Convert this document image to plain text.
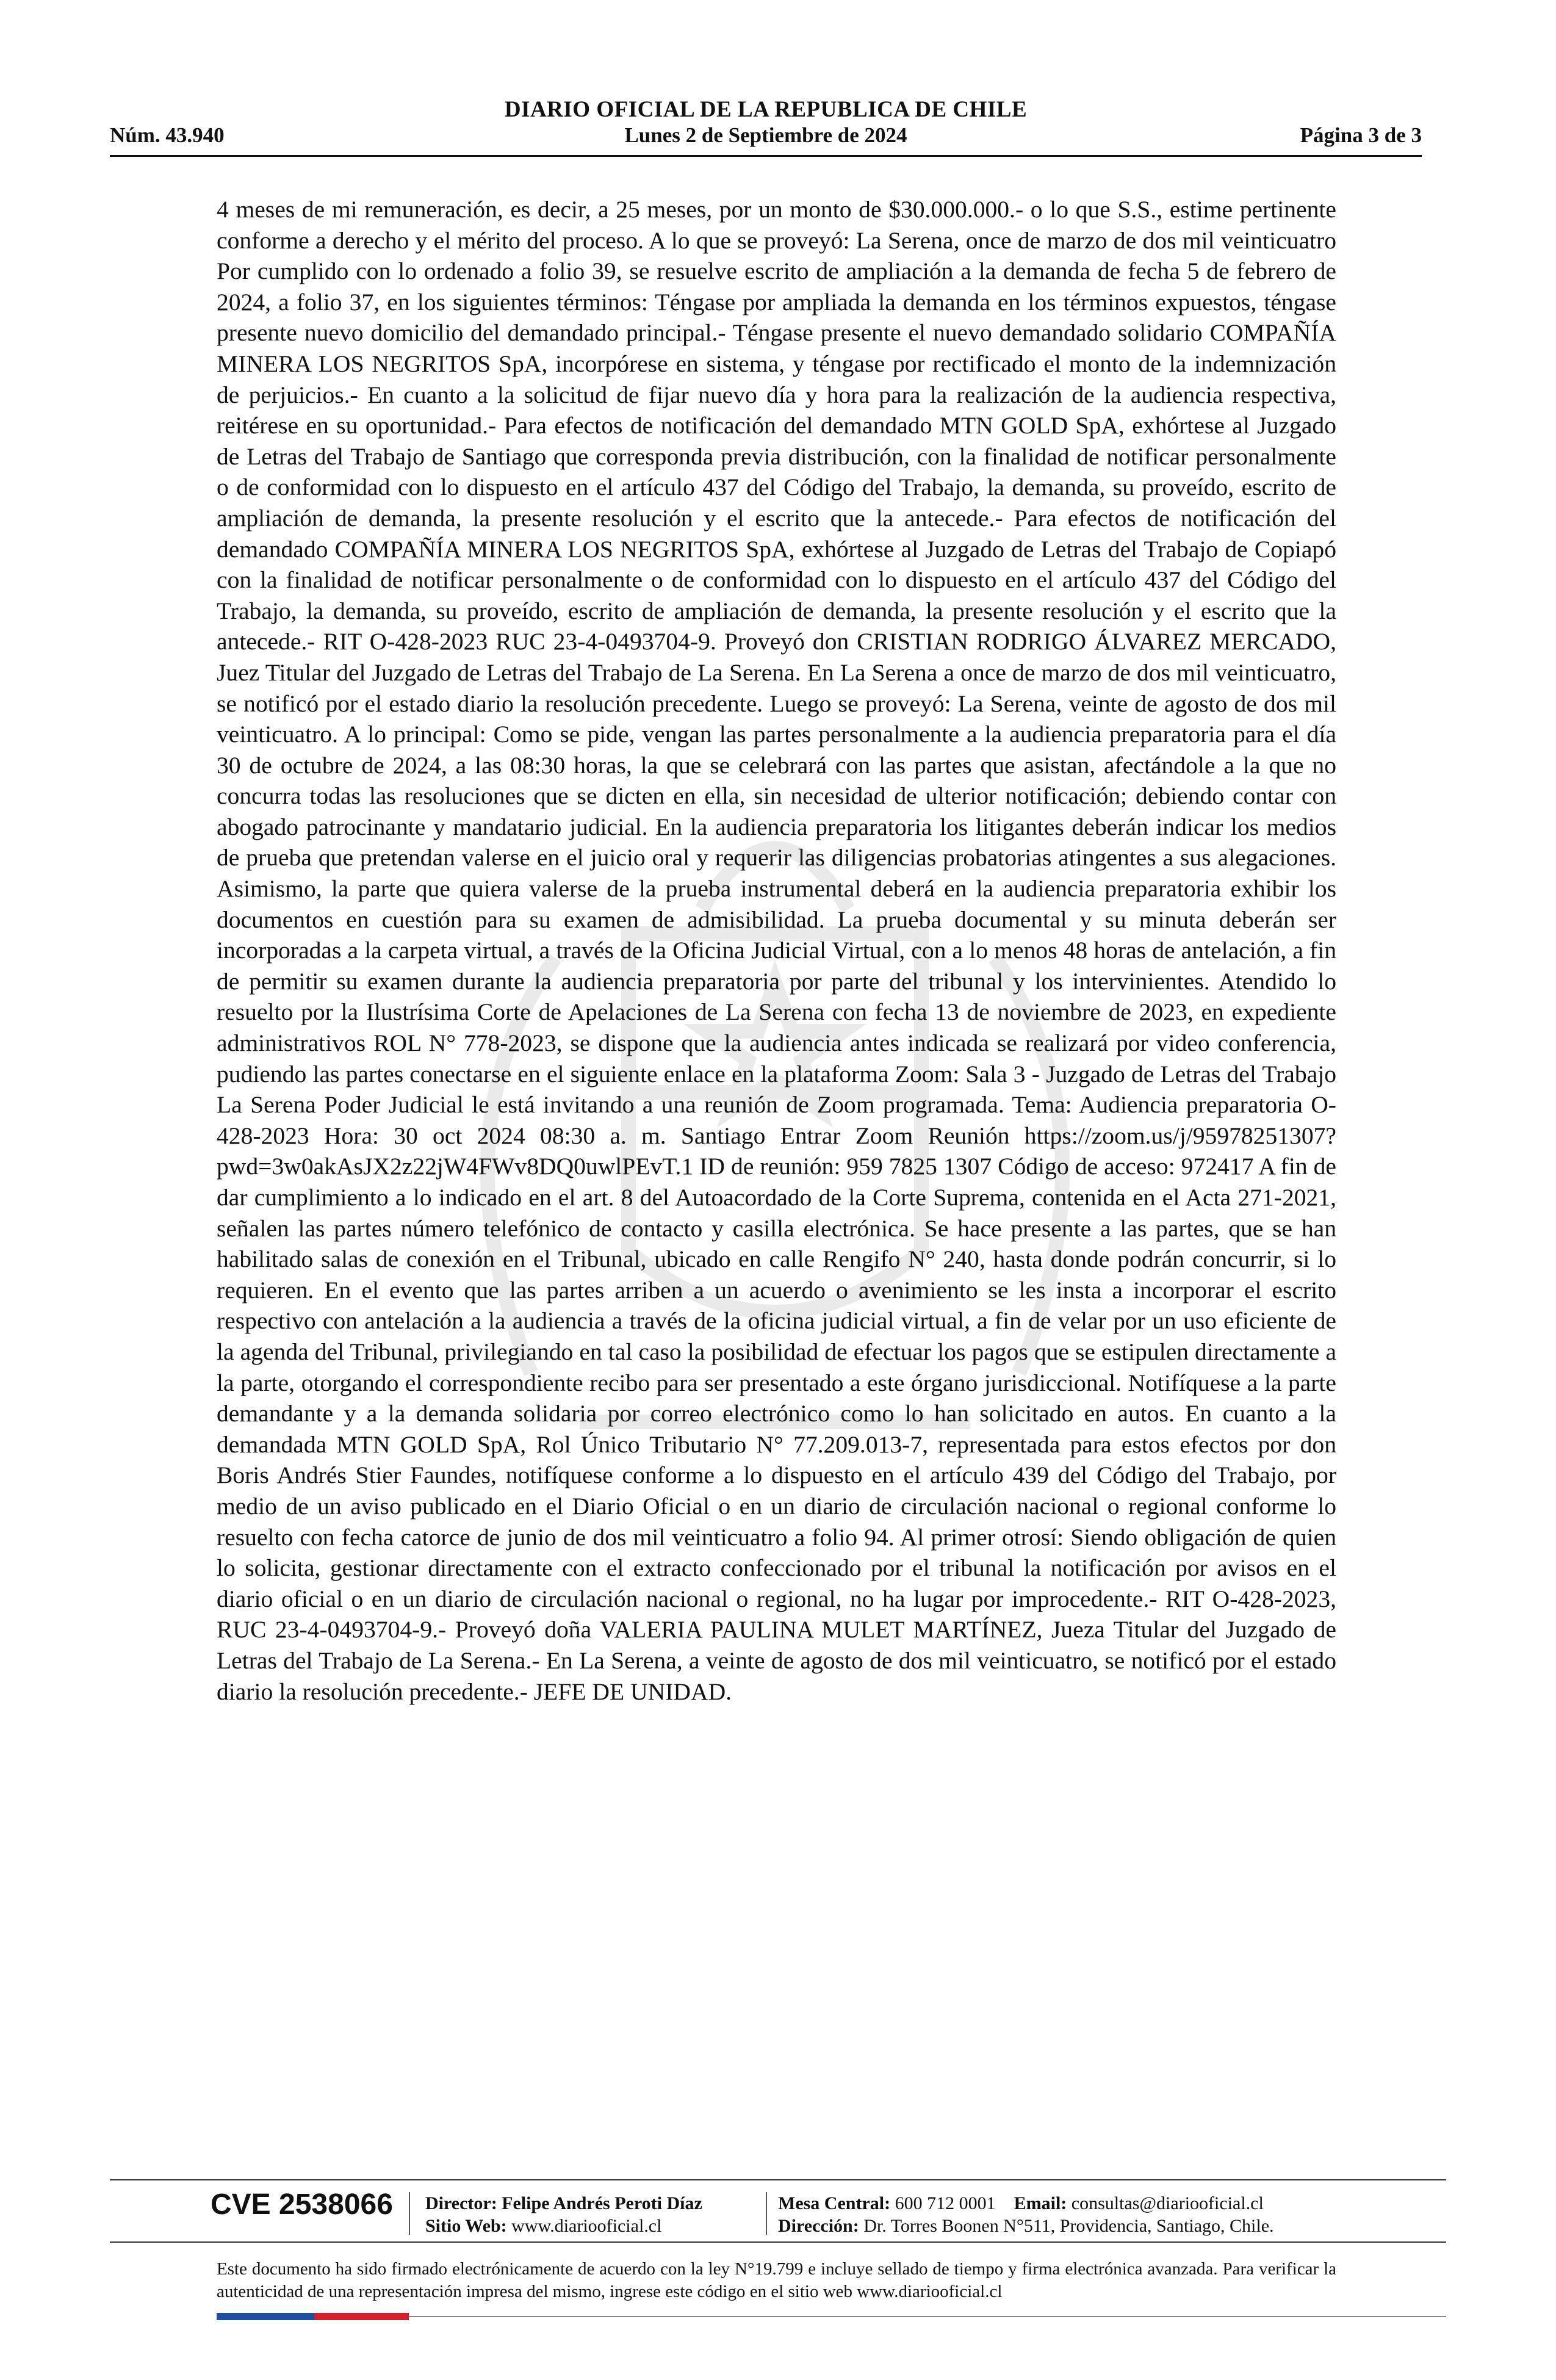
DIARIO OFICIAL DE LA REPUBLICA DE CHILE
Núm. 43.940	Lunes 2 de Septiembre de 2024	Página 3 de 3

4 meses de mi remuneración, es decir, a 25 meses, por un monto de $30.000.000.- o lo que S.S., estime pertinente conforme a derecho y el mérito del proceso. A lo que se proveyó: La Serena, once de marzo de dos mil veinticuatro Por cumplido con lo ordenado a folio 39, se resuelve escrito de ampliación a la demanda de fecha 5 de febrero de 2024, a folio 37, en los siguientes términos: Téngase por ampliada la demanda en los términos expuestos, téngase presente nuevo domicilio del demandado principal.- Téngase presente el nuevo demandado solidario COMPAÑÍA MINERA LOS NEGRITOS SpA, incorpórese en sistema, y téngase por rectificado el monto de la indemnización de perjuicios.- En cuanto a la solicitud de fijar nuevo día y hora para la realización de la audiencia respectiva, reitérese en su oportunidad.- Para efectos de notificación del demandado MTN GOLD SpA, exhórtese al Juzgado de Letras del Trabajo de Santiago que corresponda previa distribución, con la finalidad de notificar personalmente o de conformidad con lo dispuesto en el artículo 437 del Código del Trabajo, la demanda, su proveído, escrito de ampliación de demanda, la presente resolución y el escrito que la antecede.- Para efectos de notificación del demandado COMPAÑÍA MINERA LOS NEGRITOS SpA, exhórtese al Juzgado de Letras del Trabajo de Copiapó con la finalidad de notificar personalmente o de conformidad con lo dispuesto en el artículo 437 del Código del Trabajo, la demanda, su proveído, escrito de ampliación de demanda, la presente resolución y el escrito que la antecede.- RIT O-428-2023 RUC 23-4-0493704-9. Proveyó don CRISTIAN RODRIGO ÁLVAREZ MERCADO, Juez Titular del Juzgado de Letras del Trabajo de La Serena. En La Serena a once de marzo de dos mil veinticuatro, se notificó por el estado diario la resolución precedente. Luego se proveyó: La Serena, veinte de agosto de dos mil veinticuatro. A lo principal: Como se pide, vengan las partes personalmente a la audiencia preparatoria para el día 30 de octubre de 2024, a las 08:30 horas, la que se celebrará con las partes que asistan, afectándole a la que no concurra todas las resoluciones que se dicten en ella, sin necesidad de ulterior notificación; debiendo contar con abogado patrocinante y mandatario judicial. En la audiencia preparatoria los litigantes deberán indicar los medios de prueba que pretendan valerse en el juicio oral y requerir las diligencias probatorias atingentes a sus alegaciones. Asimismo, la parte que quiera valerse de la prueba instrumental deberá en la audiencia preparatoria exhibir los documentos en cuestión para su examen de admisibilidad. La prueba documental y su minuta deberán ser incorporadas a la carpeta virtual, a través de la Oficina Judicial Virtual, con a lo menos 48 horas de antelación, a fin de permitir su examen durante la audiencia preparatoria por parte del tribunal y los intervinientes. Atendido lo resuelto por la Ilustrísima Corte de Apelaciones de La Serena con fecha 13 de noviembre de 2023, en expediente administrativos ROL N° 778-2023, se dispone que la audiencia antes indicada se realizará por video conferencia, pudiendo las partes conectarse en el siguiente enlace en la plataforma Zoom: Sala 3 - Juzgado de Letras del Trabajo La Serena Poder Judicial le está invitando a una reunión de Zoom programada. Tema: Audiencia preparatoria O-428-2023 Hora: 30 oct 2024 08:30 a. m. Santiago Entrar Zoom Reunión https://zoom.us/j/95978251307?pwd=3w0akAsJX2z22jW4FWv8DQ0uwlPEvT.1 ID de reunión: 959 7825 1307 Código de acceso: 972417 A fin de dar cumplimiento a lo indicado en el art. 8 del Autoacordado de la Corte Suprema, contenida en el Acta 271-2021, señalen las partes número telefónico de contacto y casilla electrónica. Se hace presente a las partes, que se han habilitado salas de conexión en el Tribunal, ubicado en calle Rengifo N° 240, hasta donde podrán concurrir, si lo requieren. En el evento que las partes arriben a un acuerdo o avenimiento se les insta a incorporar el escrito respectivo con antelación a la audiencia a través de la oficina judicial virtual, a fin de velar por un uso eficiente de la agenda del Tribunal, privilegiando en tal caso la posibilidad de efectuar los pagos que se estipulen directamente a la parte, otorgando el correspondiente recibo para ser presentado a este órgano jurisdiccional. Notifíquese a la parte demandante y a la demanda solidaria por correo electrónico como lo han solicitado en autos. En cuanto a la demandada MTN GOLD SpA, Rol Único Tributario N° 77.209.013-7, representada para estos efectos por don Boris Andrés Stier Faundes, notifíquese conforme a lo dispuesto en el artículo 439 del Código del Trabajo, por medio de un aviso publicado en el Diario Oficial o en un diario de circulación nacional o regional conforme lo resuelto con fecha catorce de junio de dos mil veinticuatro a folio 94. Al primer otrosí: Siendo obligación de quien lo solicita, gestionar directamente con el extracto confeccionado por el tribunal la notificación por avisos en el diario oficial o en un diario de circulación nacional o regional, no ha lugar por improcedente.- RIT O-428-2023, RUC 23-4-0493704-9.- Proveyó doña VALERIA PAULINA MULET MARTÍNEZ, Jueza Titular del Juzgado de Letras del Trabajo de La Serena.- En La Serena, a veinte de agosto de dos mil veinticuatro, se notificó por el estado diario la resolución precedente.- JEFE DE UNIDAD.

CVE 2538066 Director: Felipe Andrés Peroti Díaz
Sitio Web: www.diariooficial.cl
Mesa Central: 600 712 0001 Email: consultas@diariooficial.cl
Dirección: Dr. Torres Boonen N°511, Providencia, Santiago, Chile.
Este documento ha sido firmado electrónicamente de acuerdo con la ley N°19.799 e incluye sellado de tiempo y firma electrónica avanzada. Para verificar la autenticidad de una representación impresa del mismo, ingrese este código en el sitio web www.diariooficial.cl
